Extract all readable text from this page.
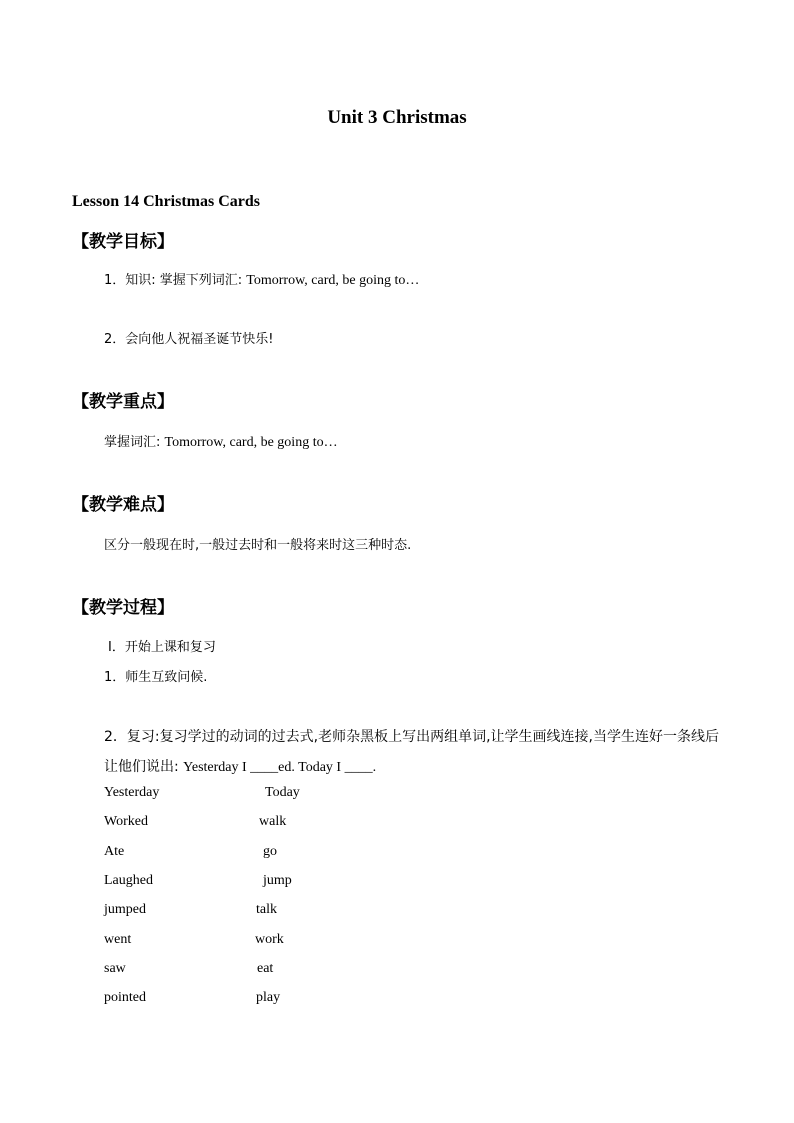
Unit 3 Christmas
Lesson 14 Christmas Cards
【教学目标】
1．知识: 掌握下列词汇: Tomorrow, card, be going to…
2．会向他人祝福圣诞节快乐!
【教学重点】
掌握词汇: Tomorrow, card, be going to…
【教学难点】
区分一般现在时,一般过去时和一般将来时这三种时态.
【教学过程】
Ⅰ．开始上课和复习
1．师生互致问候.
2．复习:复习学过的动词的过去式,老师杂黑板上写出两组单词,让学生画线连接,当学生连好一条线后让他们说出: Yesterday I ____ed. Today I ____.
Yesterday	Today
Worked	walk
Ate	go
Laughed	jump
jumped	talk
went	work
saw	eat
pointed	play
